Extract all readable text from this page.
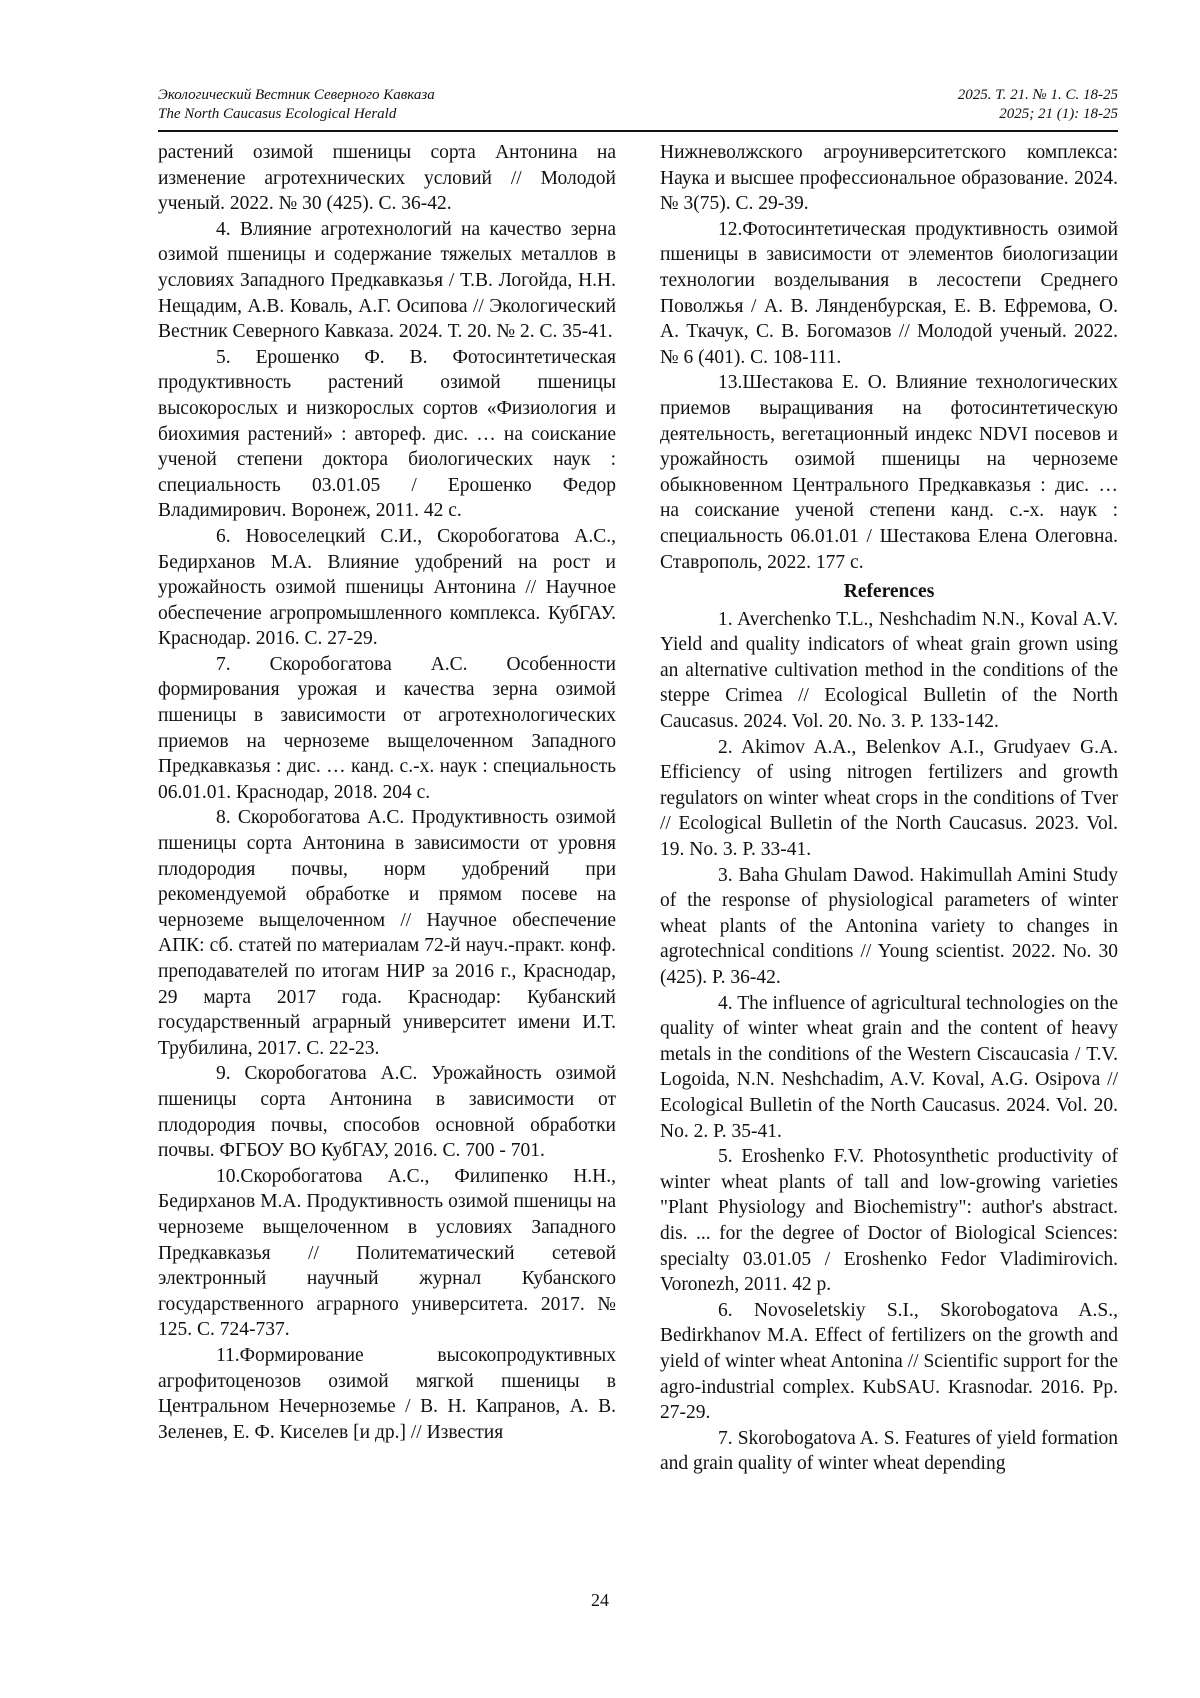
Экологический Вестник Северного Кавказа	2025. Т. 21. № 1. С. 18-25
The North Caucasus Ecological Herald	2025; 21 (1): 18-25

растений озимой пшеницы сорта Антонина на изменение агротехнических условий // Молодой ученый. 2022. № 30 (425). С. 36-42.

4. Влияние агротехнологий на качество зерна озимой пшеницы и содержание тяжелых металлов в условиях Западного Предкавказья / Т.В. Логойда, Н.Н. Нещадим, А.В. Коваль, А.Г. Осипова // Экологический Вестник Северного Кавказа. 2024. Т. 20. № 2. С. 35-41.

5. Ерошенко Ф. В. Фотосинтетическая продуктивность растений озимой пшеницы высокорослых и низкорослых сортов «Физиология и биохимия растений» : автореф. дис. … на соискание ученой степени доктора биологических наук : специальность 03.01.05 / Ерошенко Федор Владимирович. Воронеж, 2011. 42 с.

6. Новоселецкий С.И., Скоробогатова А.С., Бедирханов М.А. Влияние удобрений на рост и урожайность озимой пшеницы Антонина // Научное обеспечение агропромышленного комплекса. КубГАУ. Краснодар. 2016. С. 27-29.

7. Скоробогатова А.С. Особенности формирования урожая и качества зерна озимой пшеницы в зависимости от агротехнологических приемов на черноземе выщелоченном Западного Предкавказья : дис. … канд. с.-х. наук : специальность 06.01.01. Краснодар, 2018. 204 с.

8. Скоробогатова А.С. Продуктивность озимой пшеницы сорта Антонина в зависимости от уровня плодородия почвы, норм удобрений при рекомендуемой обработке и прямом посеве на черноземе выщелоченном // Научное обеспечение АПК: сб. статей по материалам 72-й науч.-практ. конф. преподавателей по итогам НИР за 2016 г., Краснодар, 29 марта 2017 года. Краснодар: Кубанский государственный аграрный университет имени И.Т. Трубилина, 2017. С. 22-23.

9. Скоробогатова А.С. Урожайность озимой пшеницы сорта Антонина в зависимости от плодородия почвы, способов основной обработки почвы. ФГБОУ ВО КубГАУ, 2016. С. 700 - 701.

10.Скоробогатова А.С., Филипенко Н.Н., Бедирханов М.А. Продуктивность озимой пшеницы на черноземе выщелоченном в условиях Западного Предкавказья // Политематический сетевой электронный научный журнал Кубанского государственного аграрного университета. 2017. № 125. С. 724-737.

11.Формирование высокопродуктивных агрофитоценозов озимой мягкой пшеницы в Центральном Нечерноземье / В. Н. Капранов, А. В. Зеленев, Е. Ф. Киселев [и др.] // Известия

Нижневолжского агроуниверситетского комплекса: Наука и высшее профессиональное образование. 2024. № 3(75). С. 29-39.

12.Фотосинтетическая продуктивность озимой пшеницы в зависимости от элементов биологизации технологии возделывания в лесостепи Среднего Поволжья / А. В. Лянденбурская, Е. В. Ефремова, О. А. Ткачук, С. В. Богомазов // Молодой ученый. 2022. № 6 (401). С. 108-111.

13.Шестакова Е. О. Влияние технологических приемов выращивания на фотосинтетическую деятельность, вегетационный индекс NDVI посевов и урожайность озимой пшеницы на черноземе обыкновенном Центрального Предкавказья : дис. … на соискание ученой степени канд. с.-х. наук : специальность 06.01.01 / Шестакова Елена Олеговна. Ставрополь, 2022. 177 с.

References

1. Averchenko T.L., Neshchadim N.N., Koval A.V. Yield and quality indicators of wheat grain grown using an alternative cultivation method in the conditions of the steppe Crimea // Ecological Bulletin of the North Caucasus. 2024. Vol. 20. No. 3. P. 133-142.

2. Akimov A.A., Belenkov A.I., Grudyaev G.A. Efficiency of using nitrogen fertilizers and growth regulators on winter wheat crops in the conditions of Tver // Ecological Bulletin of the North Caucasus. 2023. Vol. 19. No. 3. P. 33-41.

3. Baha Ghulam Dawod. Hakimullah Amini Study of the response of physiological parameters of winter wheat plants of the Antonina variety to changes in agrotechnical conditions // Young scientist. 2022. No. 30 (425). P. 36-42.

4. The influence of agricultural technologies on the quality of winter wheat grain and the content of heavy metals in the conditions of the Western Ciscaucasia / T.V. Logoida, N.N. Neshchadim, A.V. Koval, A.G. Osipova // Ecological Bulletin of the North Caucasus. 2024. Vol. 20. No. 2. P. 35-41.

5. Eroshenko F.V. Photosynthetic productivity of winter wheat plants of tall and low-growing varieties "Plant Physiology and Biochemistry": author's abstract. dis. ... for the degree of Doctor of Biological Sciences: specialty 03.01.05 / Eroshenko Fedor Vladimirovich. Voronezh, 2011. 42 p.

6. Novoseletskiy S.I., Skorobogatova A.S., Bedirkhanov M.A. Effect of fertilizers on the growth and yield of winter wheat Antonina // Scientific support for the agro-industrial complex. KubSAU. Krasnodar. 2016. Pp. 27-29.

7. Skorobogatova A. S. Features of yield formation and grain quality of winter wheat depending

24
